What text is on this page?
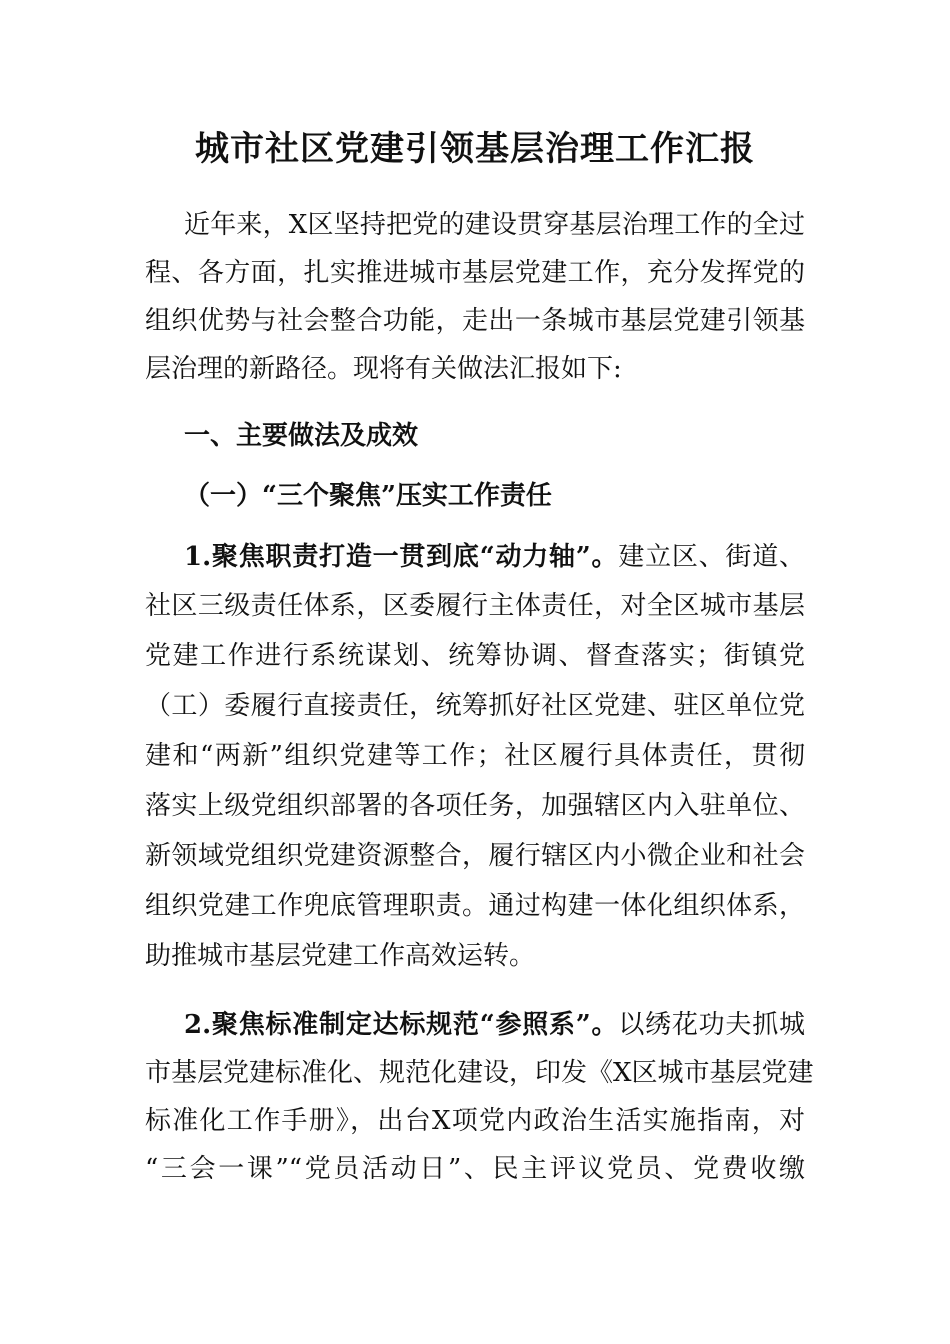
城市社区党建引领基层治理工作汇报
近年来，X区坚持把党的建设贯穿基层治理工作的全过
程、各方面，扎实推进城市基层党建工作，充分发挥党的
组织优势与社会整合功能，走出一条城市基层党建引领基
层治理的新路径。现将有关做法汇报如下:
一、主要做法及成效
（一）“三个聚焦”压实工作责任
1.聚焦职责打造一贯到底“动力轴”。建立区、街道、
社区三级责任体系，区委履行主体责任，对全区城市基层
党建工作进行系统谋划、统筹协调、督查落实；街镇党
（工）委履行直接责任，统筹抓好社区党建、驻区单位党
建和“两新”组织党建等工作；社区履行具体责任，贯彻
落实上级党组织部署的各项任务，加强辖区内入驻单位、
新领域党组织党建资源整合，履行辖区内小微企业和社会
组织党建工作兜底管理职责。通过构建一体化组织体系，
助推城市基层党建工作高效运转。
2.聚焦标准制定达标规范“参照系”。以绣花功夫抓城
市基层党建标准化、规范化建设，印发《X区城市基层党建
标准化工作手册》，出台X项党内政治生活实施指南，对
“三会一课”“党员活动日”、民主评议党员、党费收缴
